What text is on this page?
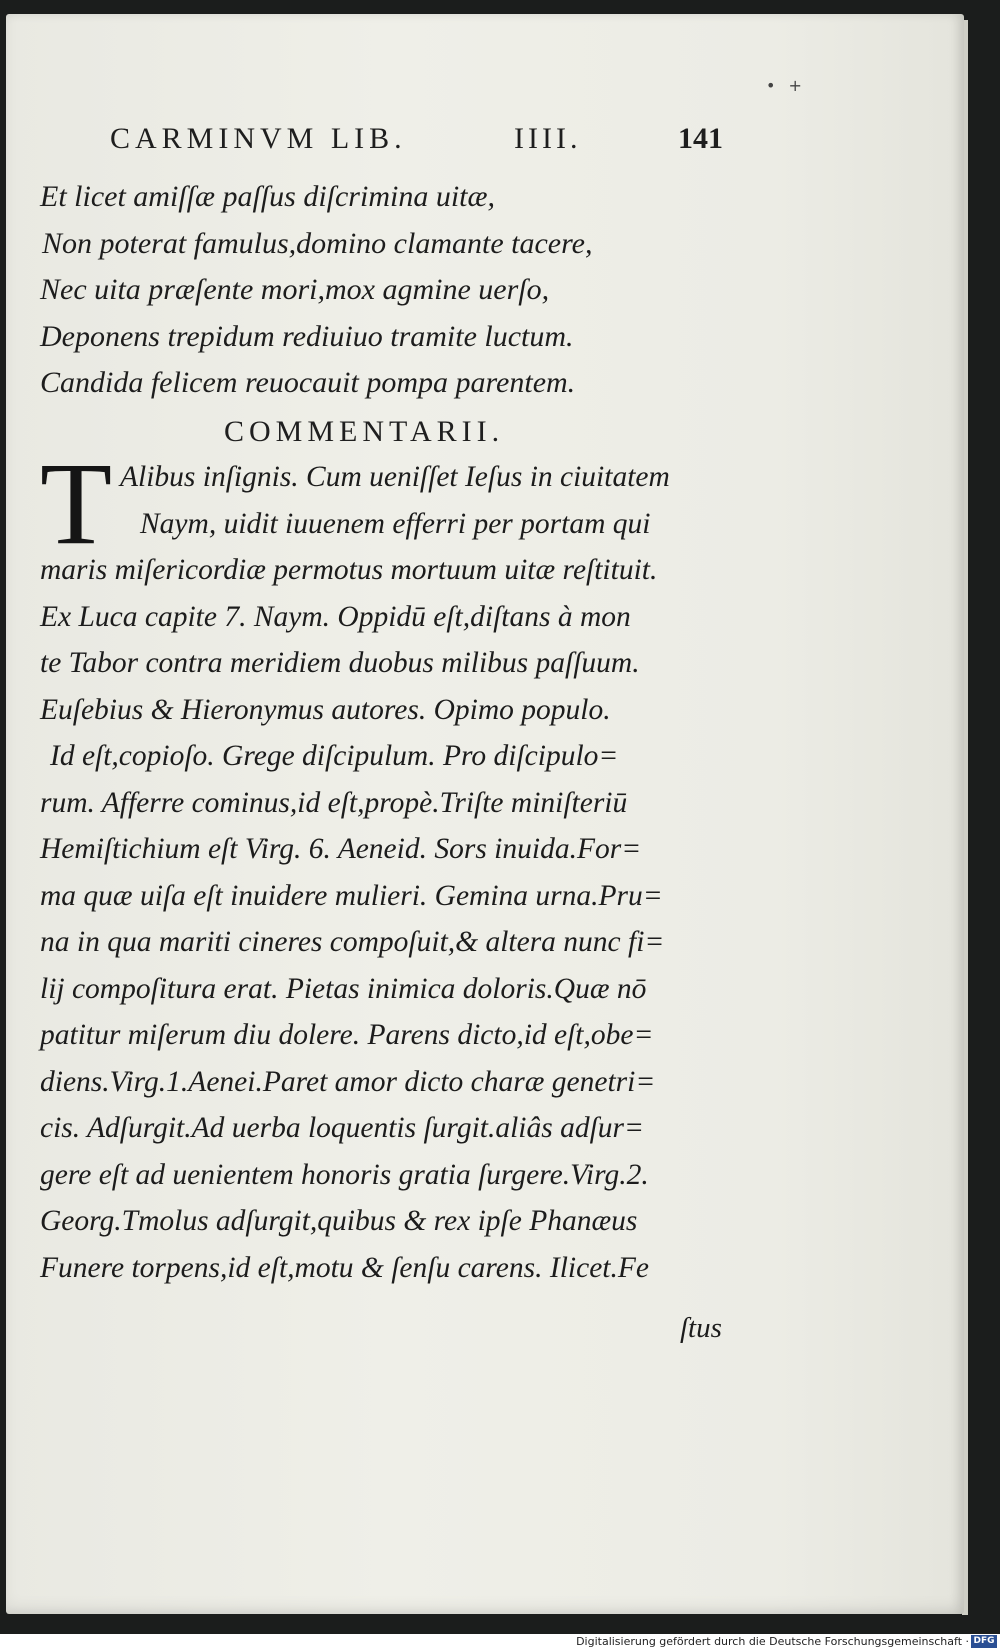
• +
CARMINVM LIB.	IIII.	141
Et licet amiſſæ paſſus diſcrimina uitæ,
Non poterat famulus,domino clamante tacere,
Nec uita præſente mori,mox agmine uerſo,
Deponens trepidum rediuiuo tramite luctum.
Candida felicem reuocauit pompa parentem.
COMMENTARII.
T Alibus inſignis. Cum ueniſſet Ieſus in ciuitatem
Naym, uidit iuuenem efferri per portam qui
maris miſericordiæ permotus mortuum uitæ reſtituit.
Ex Luca capite 7. Naym. Oppidū eſt,diſtans à mon
te Tabor contra meridiem duobus milibus paſſuum.
Euſebius & Hieronymus autores. Opimo populo.
Id eſt,copioſo. Grege diſcipulum. Pro diſcipulo=
rum. Afferre cominus,id eſt,propè.Triſte miniſteriū
Hemiſtichium eſt Virg. 6. Aeneid. Sors inuida.For=
ma quæ uiſa eſt inuidere mulieri. Gemina urna.Pru=
na in qua mariti cineres compoſuit,& altera nunc fi=
lij compoſitura erat. Pietas inimica doloris.Quæ nō
patitur miſerum diu dolere. Parens dicto,id eſt,obe=
diens.Virg.1.Aenei.Paret amor dicto charæ genetri=
cis. Adſurgit.Ad uerba loquentis ſurgit.aliâs adſur=
gere eſt ad uenientem honoris gratia ſurgere.Virg.2.
Georg.Tmolus adſurgit,quibus & rex ipſe Phanæus
Funere torpens,id eſt,motu & ſenſu carens. Ilicet.Fe
ſtus
Digitalisierung gefördert durch die Deutsche Forschungsgemeinschaft · DFG
